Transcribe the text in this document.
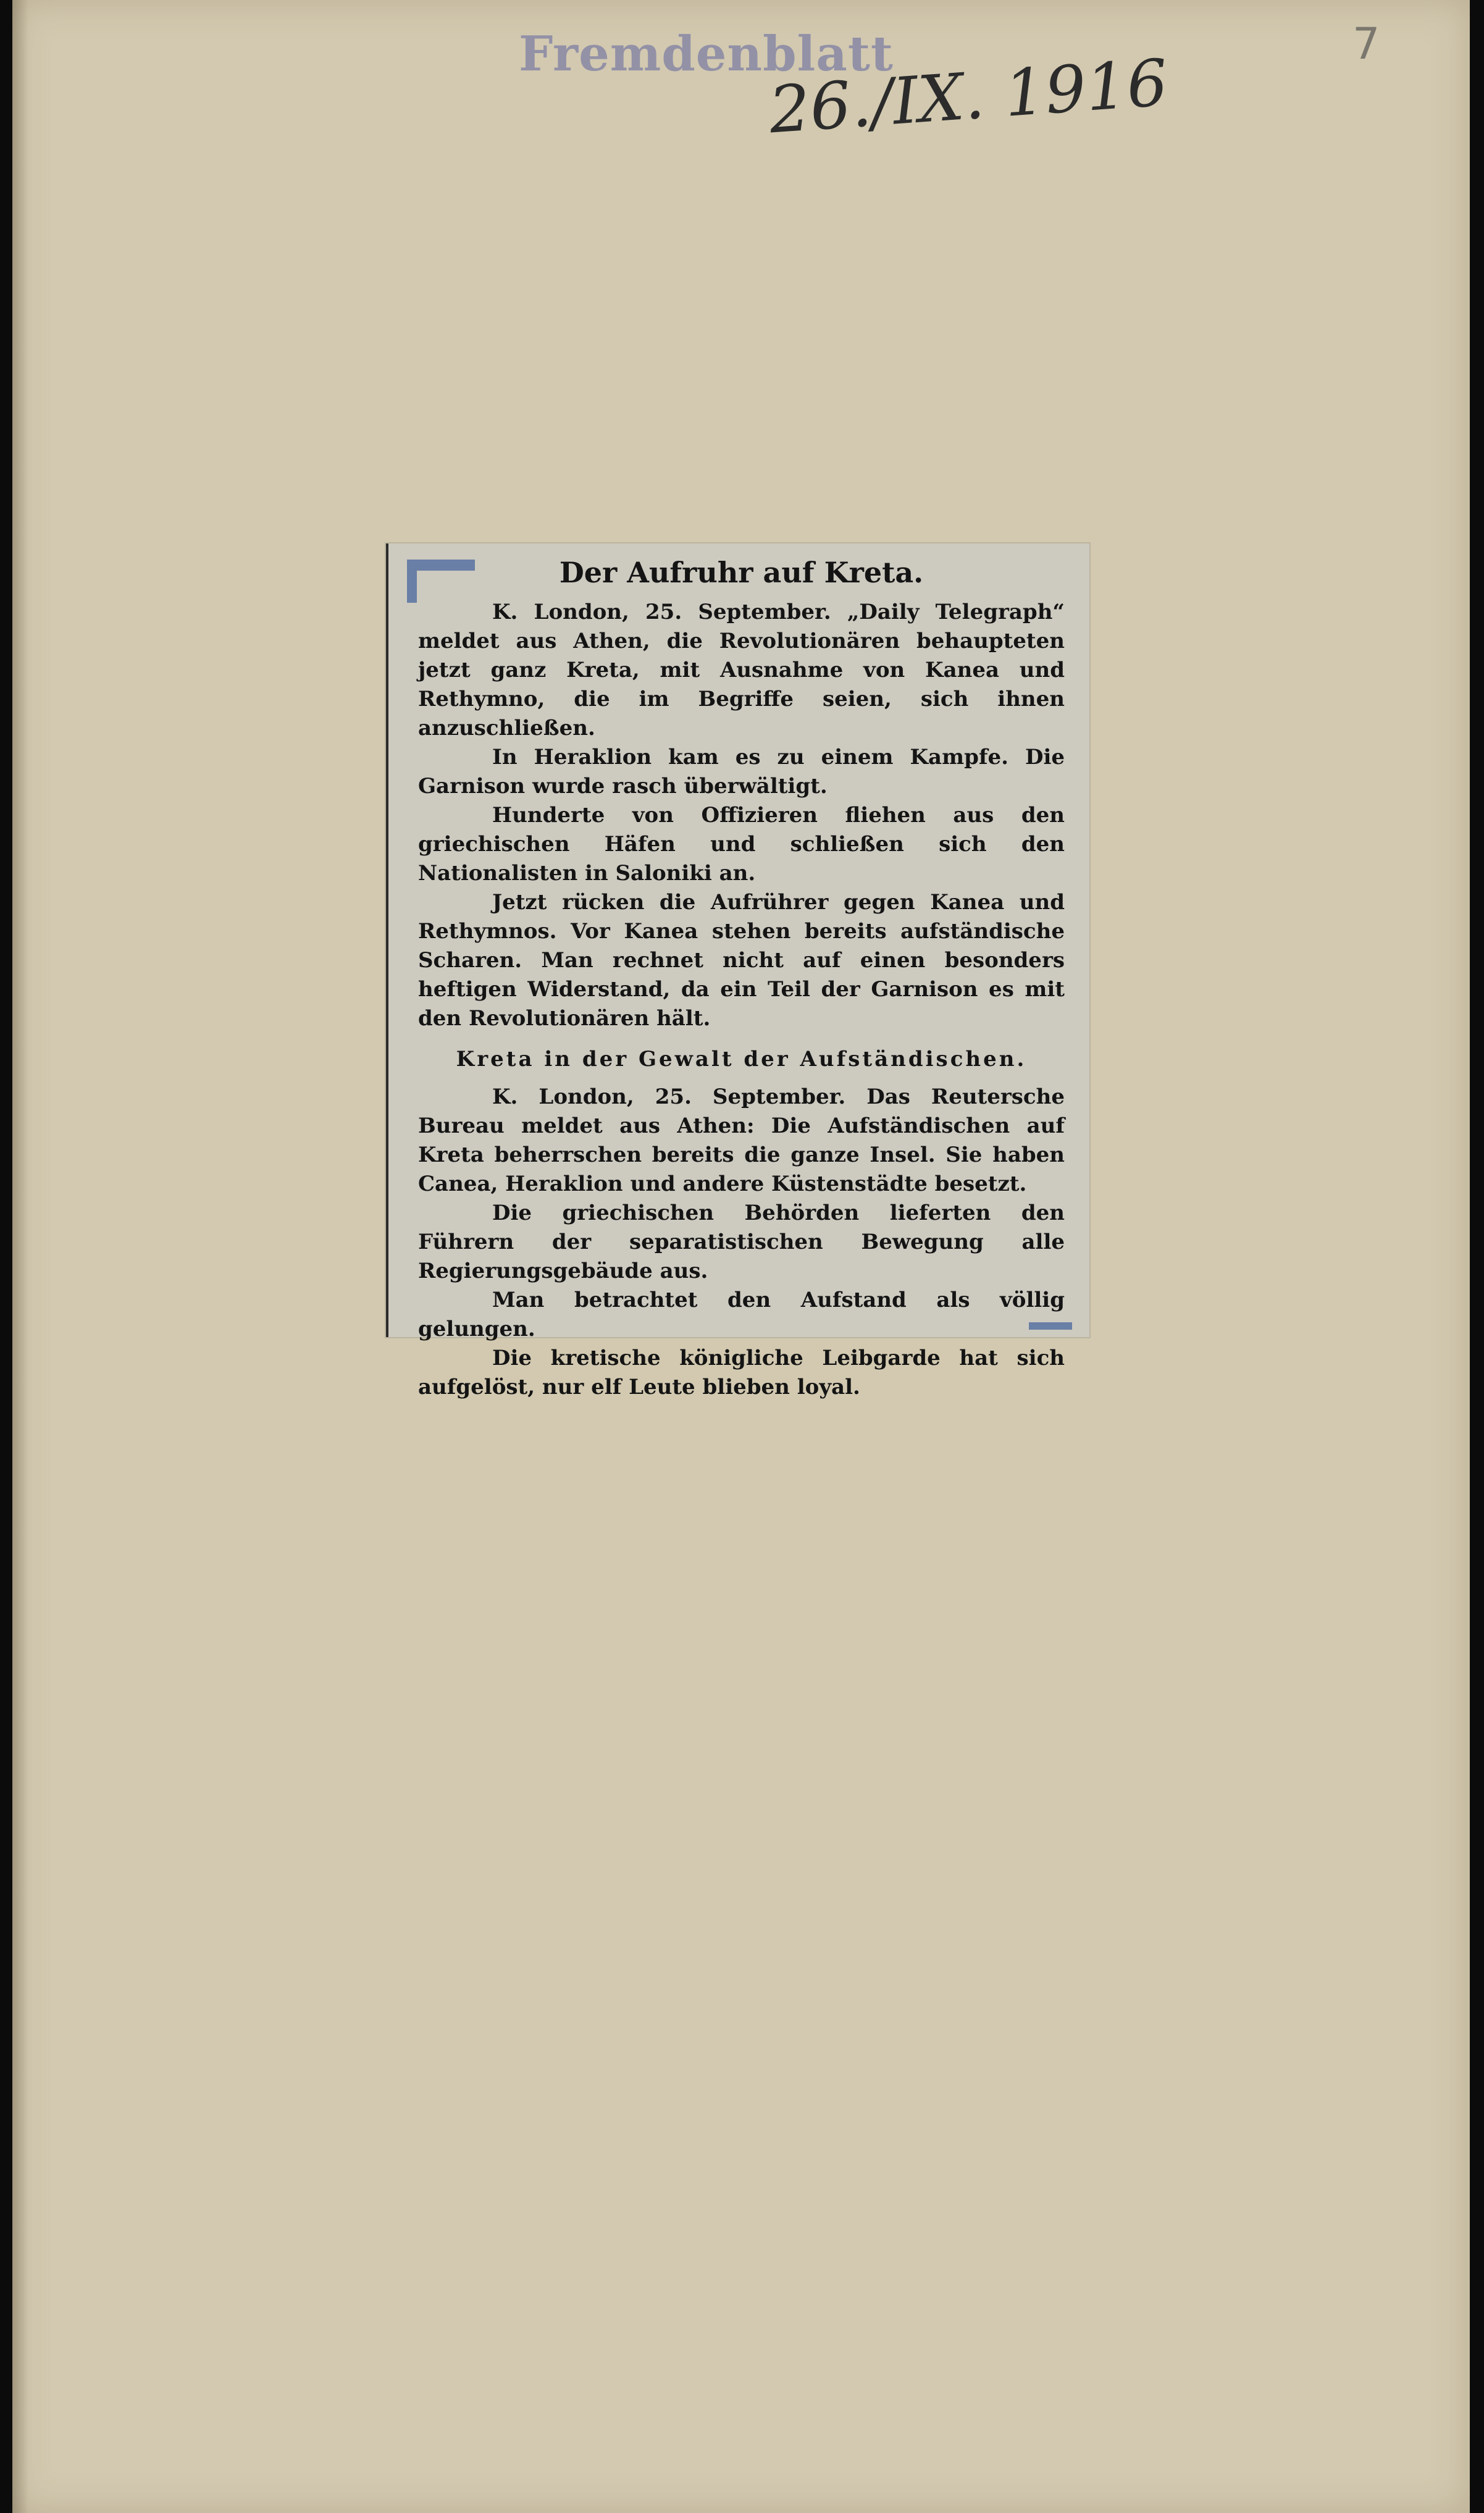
Fremdenblatt
26./IX. 1916
7
Der Aufruhr auf Kreta.

K. London, 25. September. „Daily Telegraph“ meldet aus Athen, die Revolutionären behaupteten jetzt ganz Kreta, mit Ausnahme von Kanea und Rethymno, die im Begriffe seien, sich ihnen anzuschließen.

In Heraklion kam es zu einem Kampfe. Die Garnison wurde rasch überwältigt.

Hunderte von Offizieren fliehen aus den griechischen Häfen und schließen sich den Nationalisten in Saloniki an.

Jetzt rücken die Aufrührer gegen Kanea und Rethymnos. Vor Kanea stehen bereits aufständische Scharen. Man rechnet nicht auf einen besonders heftigen Widerstand, da ein Teil der Garnison es mit den Revolutionären hält.

Kreta in der Gewalt der Aufständischen.

K. London, 25. September. Das Reutersche Bureau meldet aus Athen: Die Aufständischen auf Kreta beherrschen bereits die ganze Insel. Sie haben Canea, Heraklion und andere Küstenstädte besetzt.

Die griechischen Behörden lieferten den Führern der separatistischen Bewegung alle Regierungsgebäude aus.

Man betrachtet den Aufstand als völlig gelungen.

Die kretische königliche Leibgarde hat sich aufgelöst, nur elf Leute blieben loyal.
